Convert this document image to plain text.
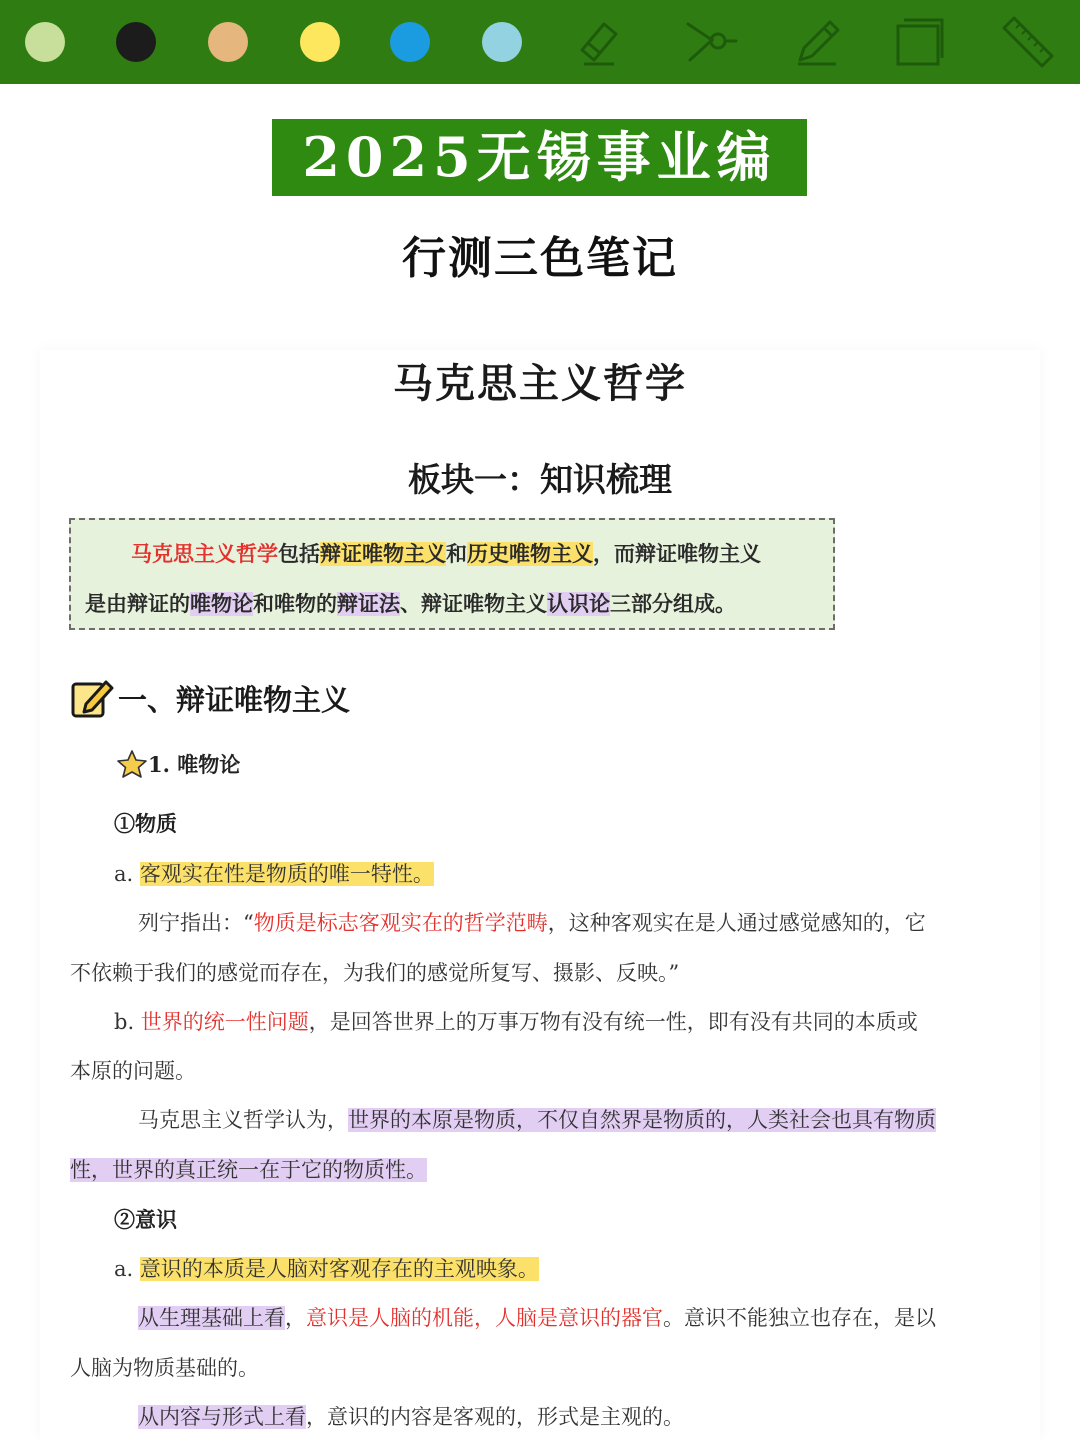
2025无锡事业编
行测三色笔记
马克思主义哲学
板块一：知识梳理
马克思主义哲学包括辩证唯物主义和历史唯物主义，而辩证唯物主义
是由辩证的唯物论和唯物的辩证法、辩证唯物主义认识论三部分组成。
一、辩证唯物主义
1. 唯物论
①物质
a. 客观实在性是物质的唯一特性。
列宁指出：“物质是标志客观实在的哲学范畴，这种客观实在是人通过感觉感知的，它
不依赖于我们的感觉而存在，为我们的感觉所复写、摄影、反映。”
b. 世界的统一性问题，是回答世界上的万事万物有没有统一性，即有没有共同的本质或
本原的问题。
马克思主义哲学认为，世界的本原是物质，不仅自然界是物质的，人类社会也具有物质
性，世界的真正统一在于它的物质性。
②意识
a. 意识的本质是人脑对客观存在的主观映象。
从生理基础上看，意识是人脑的机能，人脑是意识的器官。意识不能独立也存在，是以
人脑为物质基础的。
从内容与形式上看，意识的内容是客观的，形式是主观的。
